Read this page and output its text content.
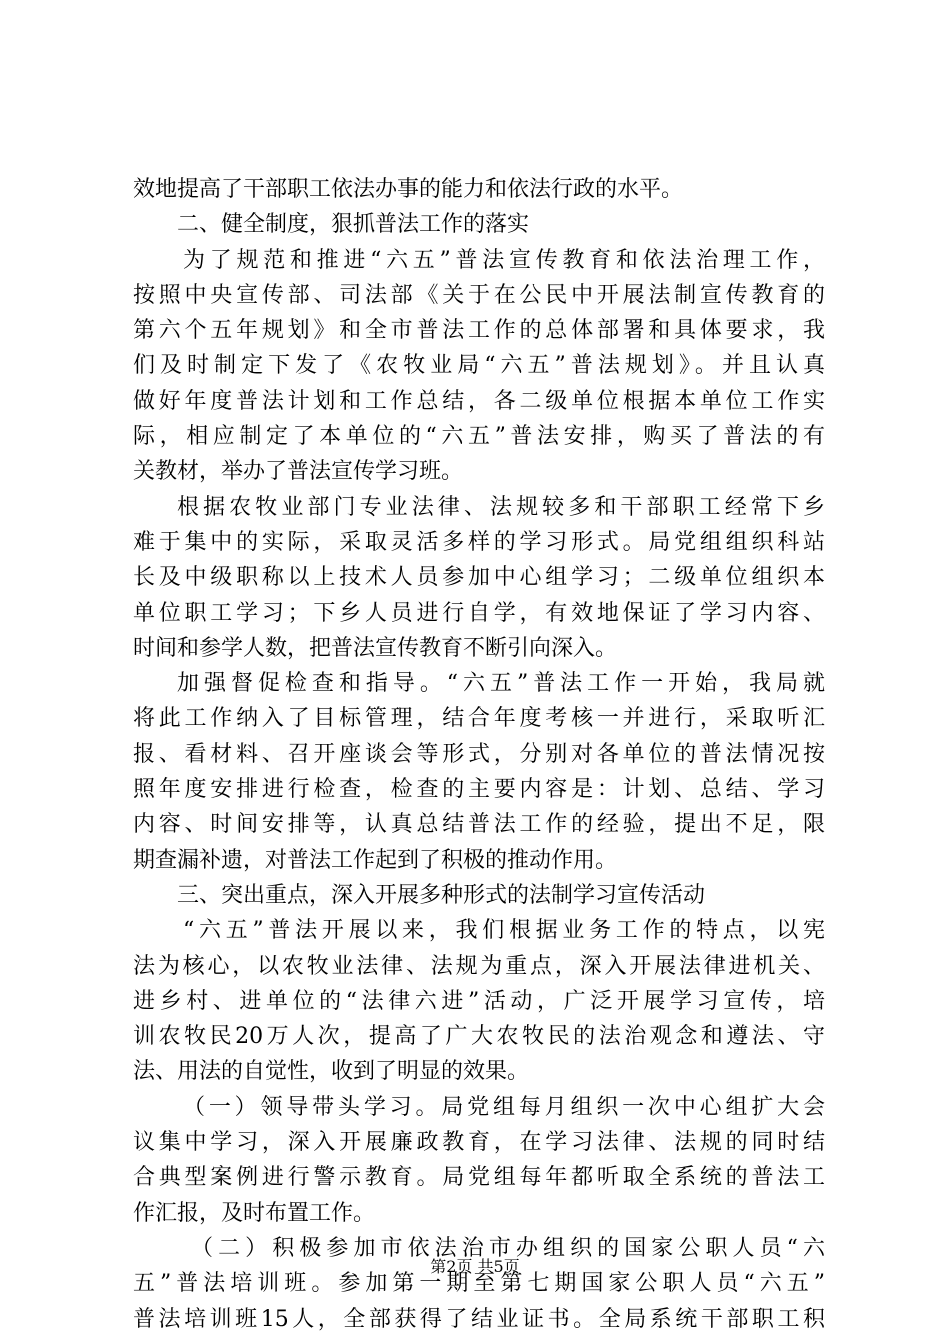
效地提高了干部职工依法办事的能力和依法行政的水平。
二、健全制度，狠抓普法工作的落实
为了规范和推进“六五”普法宣传教育和依法治理工作，
按照中央宣传部、司法部《关于在公民中开展法制宣传教育的
第六个五年规划》和全市普法工作的总体部署和具体要求，我
们及时制定下发了《农牧业局“六五”普法规划》。并且认真
做好年度普法计划和工作总结，各二级单位根据本单位工作实
际，相应制定了本单位的“六五”普法安排，购买了普法的有
关教材，举办了普法宣传学习班。
根据农牧业部门专业法律、法规较多和干部职工经常下乡
难于集中的实际，采取灵活多样的学习形式。局党组组织科站
长及中级职称以上技术人员参加中心组学习；二级单位组织本
单位职工学习；下乡人员进行自学，有效地保证了学习内容、
时间和参学人数，把普法宣传教育不断引向深入。
加强督促检查和指导。“六五”普法工作一开始，我局就
将此工作纳入了目标管理，结合年度考核一并进行，采取听汇
报、看材料、召开座谈会等形式，分别对各单位的普法情况按
照年度安排进行检查，检查的主要内容是：计划、总结、学习
内容、时间安排等，认真总结普法工作的经验，提出不足，限
期查漏补遗，对普法工作起到了积极的推动作用。
三、突出重点，深入开展多种形式的法制学习宣传活动
“六五”普法开展以来，我们根据业务工作的特点，以宪
法为核心，以农牧业法律、法规为重点，深入开展法律进机关、
进乡村、进单位的“法律六进”活动，广泛开展学习宣传，培
训农牧民20万人次，提高了广大农牧民的法治观念和遵法、守
法、用法的自觉性，收到了明显的效果。
（一）领导带头学习。局党组每月组织一次中心组扩大会
议集中学习，深入开展廉政教育，在学习法律、法规的同时结
合典型案例进行警示教育。局党组每年都听取全系统的普法工
作汇报，及时布置工作。
（二）积极参加市依法治市办组织的国家公职人员“六
五”普法培训班。参加第一期至第七期国家公职人员“六五”
普法培训班15人，全部获得了结业证书。全局系统干部职工积
第2页 共5页
